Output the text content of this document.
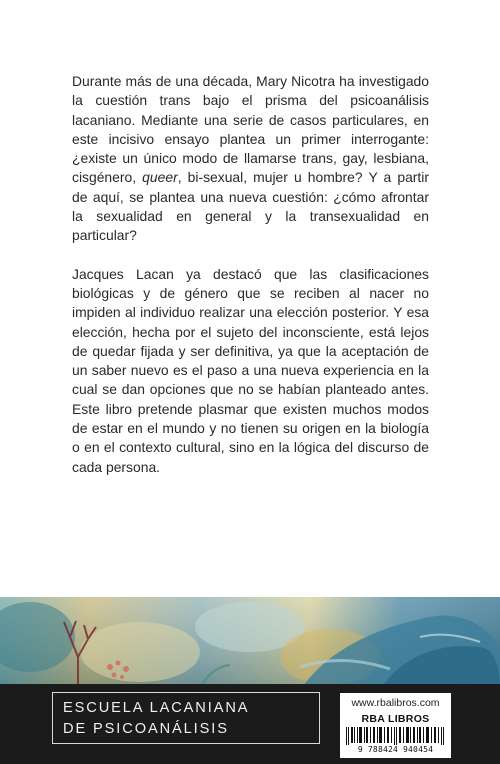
Durante más de una década, Mary Nicotra ha investigado la cuestión trans bajo el prisma del psicoanálisis lacaniano. Mediante una serie de casos particulares, en este incisivo ensayo plantea un primer interrogante: ¿existe un único modo de llamarse trans, gay, lesbiana, cisgénero, queer, bi-sexual, mujer u hombre? Y a partir de aquí, se plantea una nueva cuestión: ¿cómo afrontar la sexualidad en general y la transexualidad en particular?

Jacques Lacan ya destacó que las clasificaciones biológicas y de género que se reciben al nacer no impiden al individuo realizar una elección posterior. Y esa elección, hecha por el sujeto del inconsciente, está lejos de quedar fijada y ser definitiva, ya que la aceptación de un saber nuevo es el paso a una nueva experiencia en la cual se dan opciones que no se habían planteado antes. Este libro pretende plasmar que existen muchos modos de estar en el mundo y no tienen su origen en la biología o en el contexto cultural, sino en la lógica del discurso de cada persona.

ESCUELA LACANIANA
DE PSICOANÁLISIS
www.rbalibros.com
RBA LIBROS
9 788424 940454
